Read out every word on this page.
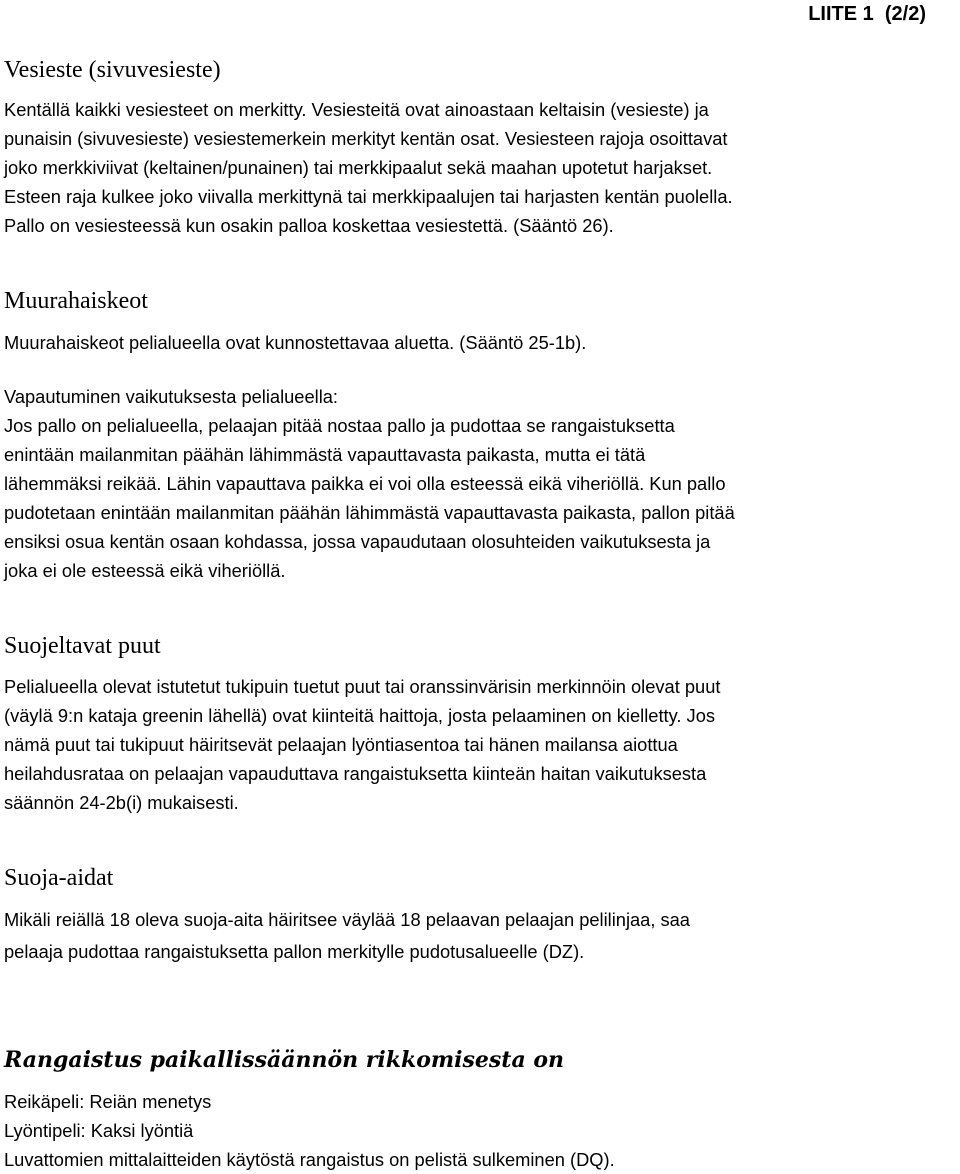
LIITE 1  (2/2)
Vesieste (sivuvesieste)

Kentällä kaikki vesiesteet on merkitty. Vesiesteitä ovat ainoastaan keltaisin (vesieste) ja
punaisin (sivuvesieste) vesiestemerkein merkityt kentän osat. Vesiesteen rajoja osoittavat
joko merkkiviivat (keltainen/punainen) tai merkkipaalut sekä maahan upotetut harjakset.
Esteen raja kulkee joko viivalla merkittynä tai merkkipaalujen tai harjasten kentän puolella.
Pallo on vesiesteessä kun osakin palloa koskettaa vesiestettä. (Sääntö 26).

Muurahaiskeot

Muurahaiskeot pelialueella ovat kunnostettavaa aluetta. (Sääntö 25-1b).

Vapautuminen vaikutuksesta pelialueella:
Jos pallo on pelialueella, pelaajan pitää nostaa pallo ja pudottaa se rangaistuksetta
enintään mailanmitan päähän lähimmästä vapauttavasta paikasta, mutta ei tätä
lähemmäksi reikää. Lähin vapauttava paikka ei voi olla esteessä eikä viheriöllä. Kun pallo
pudotetaan enintään mailanmitan päähän lähimmästä vapauttavasta paikasta, pallon pitää
ensiksi osua kentän osaan kohdassa, jossa vapaudutaan olosuhteiden vaikutuksesta ja
joka ei ole esteessä eikä viheriöllä.

Suojeltavat puut

Pelialueella olevat istutetut tukipuin tuetut puut tai oranssinvärisin merkinnöin olevat puut
(väylä 9:n kataja greenin lähellä) ovat kiinteitä haittoja, josta pelaaminen on kielletty. Jos
nämä puut tai tukipuut häiritsevät pelaajan lyöntiasentoa tai hänen mailansa aiottua
heilahdusrataa on pelaajan vapauduttava rangaistuksetta kiinteän haitan vaikutuksesta
säännön 24-2b(i) mukaisesti.

Suoja-aidat

Mikäli reiällä 18 oleva suoja-aita häiritsee väylää 18 pelaavan pelaajan pelilinjaa, saa
pelaaja pudottaa rangaistuksetta pallon merkitylle pudotusalueelle (DZ).

Rangaistus paikallissäännön rikkomisesta on

Reikäpeli: Reiän menetys
Lyöntipeli: Kaksi lyöntiä
Luvattomien mittalaitteiden käytöstä rangaistus on pelistä sulkeminen (DQ).
